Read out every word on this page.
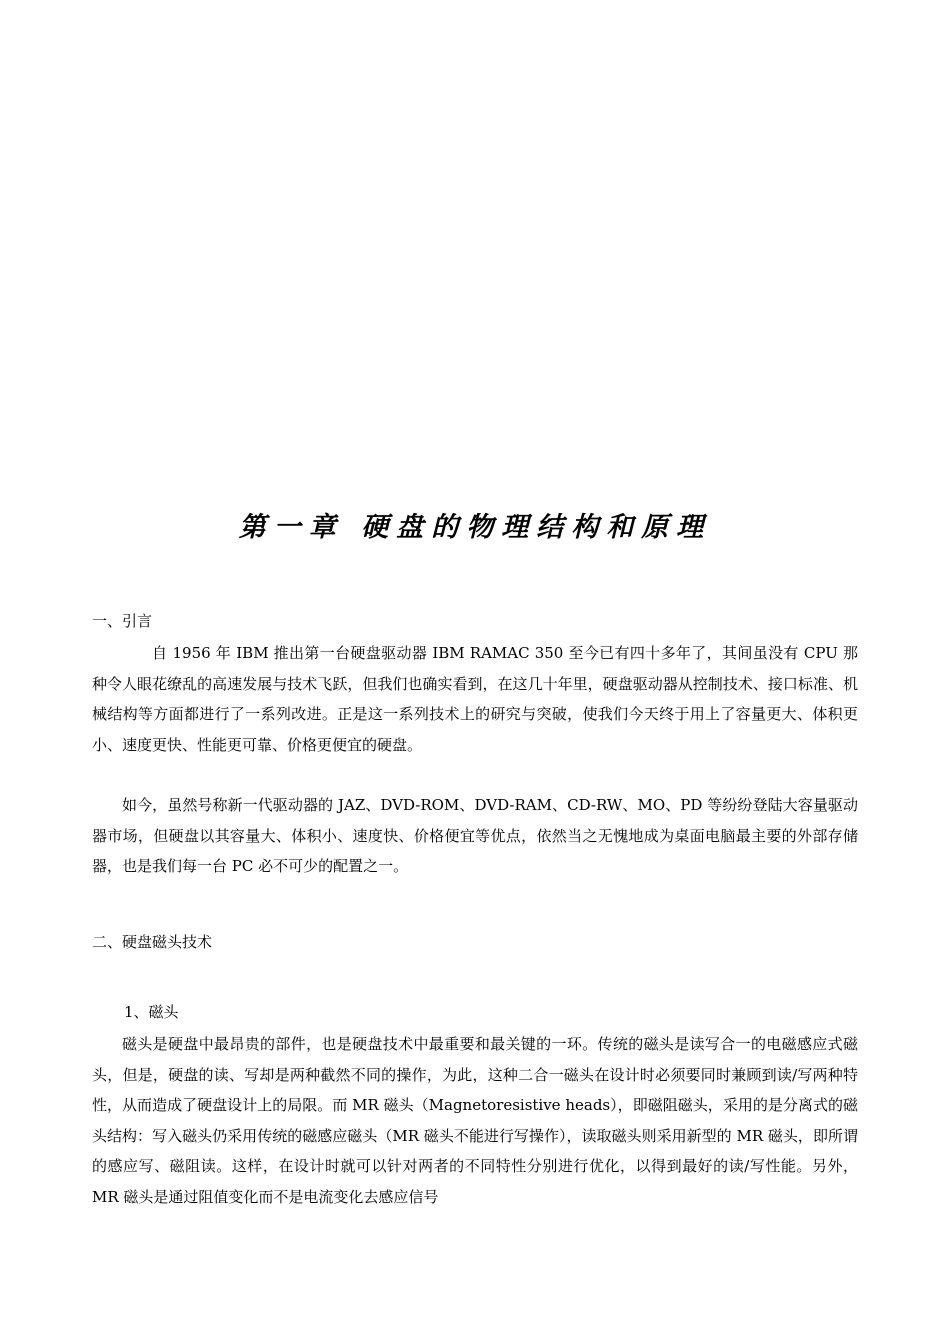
第一章 硬盘的物理结构和原理
一、引言

自 1956 年 IBM 推出第一台硬盘驱动器 IBM RAMAC 350 至今已有四十多年了，其间虽没有 CPU 那种令人眼花缭乱的高速发展与技术飞跃，但我们也确实看到，在这几十年里，硬盘驱动器从控制技术、接口标准、机械结构等方面都进行了一系列改进。正是这一系列技术上的研究与突破，使我们今天终于用上了容量更大、体积更小、速度更快、性能更可靠、价格更便宜的硬盘。

如今，虽然号称新一代驱动器的 JAZ、DVD-ROM、DVD-RAM、CD-RW、MO、PD 等纷纷登陆大容量驱动器市场，但硬盘以其容量大、体积小、速度快、价格便宜等优点，依然当之无愧地成为桌面电脑最主要的外部存储器，也是我们每一台 PC 必不可少的配置之一。

二、硬盘磁头技术
1、磁头

磁头是硬盘中最昂贵的部件，也是硬盘技术中最重要和最关键的一环。传统的磁头是读写合一的电磁感应式磁头，但是，硬盘的读、写却是两种截然不同的操作，为此，这种二合一磁头在设计时必须要同时兼顾到读/写两种特性，从而造成了硬盘设计上的局限。而 MR 磁头（Magnetoresistive heads），即磁阻磁头，采用的是分离式的磁头结构：写入磁头仍采用传统的磁感应磁头（MR 磁头不能进行写操作），读取磁头则采用新型的 MR 磁头，即所谓的感应写、磁阻读。这样，在设计时就可以针对两者的不同特性分别进行优化，以得到最好的读/写性能。另外，MR 磁头是通过阻值变化而不是电流变化去感应信号
